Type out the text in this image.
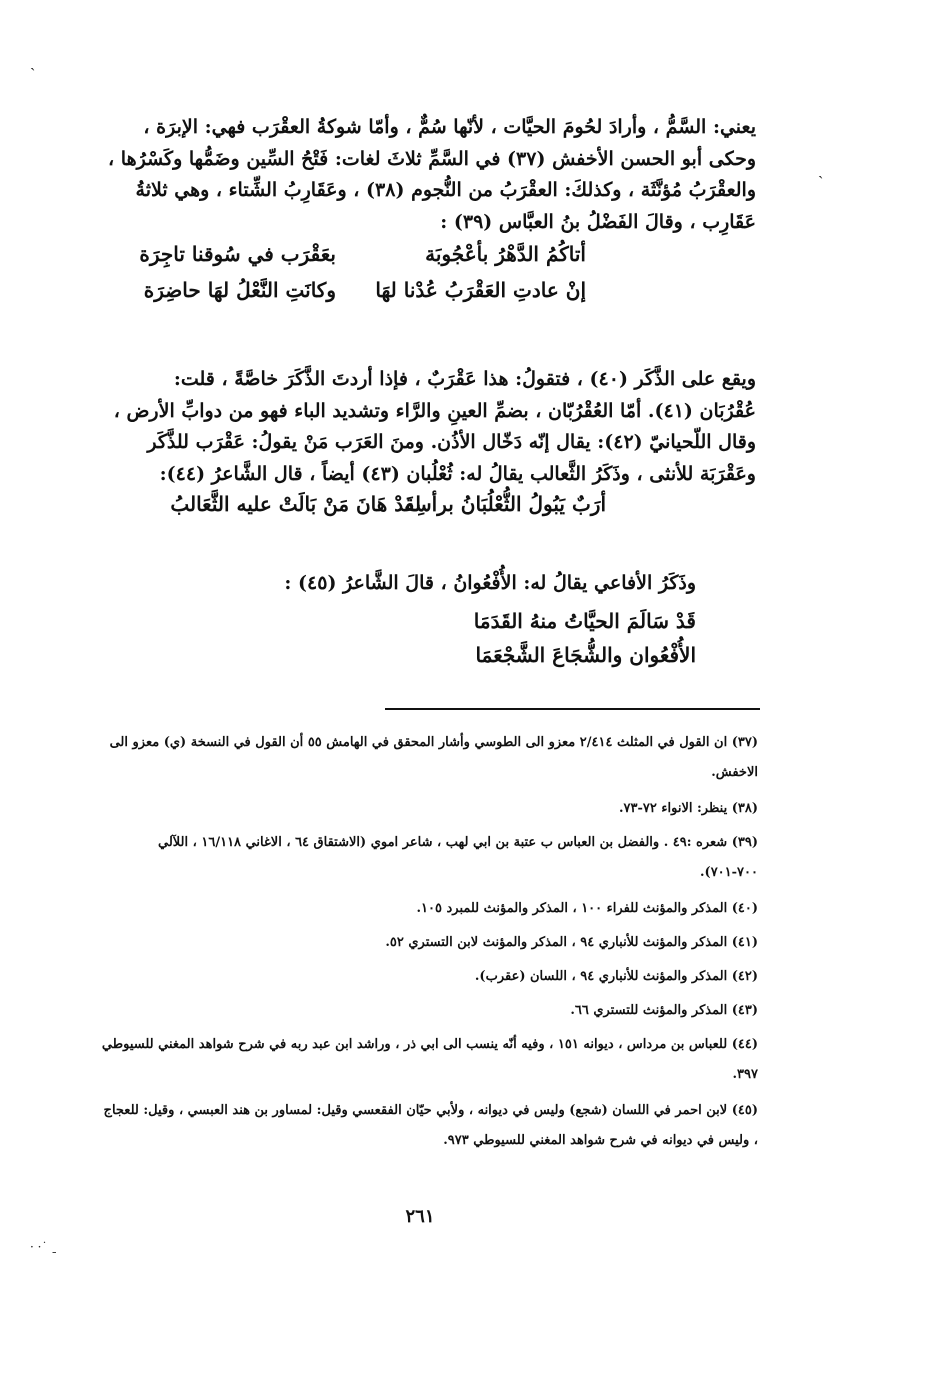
ˎ
ˏ

يعني: السَّمُّ ، وأرادَ لحُومَ الحيَّات ، لأنّها سُمٌّ ، وأمّا شوكةُ العقْرَب فهي: الإبرَة ،

وحكى أبو الحسن الأخفش (٣٧) في السَّمِّ ثلاثَ لغات: فَتْحُ السِّين وضَمُّها وكَسْرُها ،

والعقْرَبُ مُؤنَّثَة ، وكذلكَ: العقْرَبُ من النُّجوم (٣٨) ، وعَقَارِبُ الشِّتاء ، وهي ثلاثةُ

عَقَارِب ، وقالَ الفَضْلُ بنُ العبَّاس (٣٩) :

أتاكُمُ الدَّهْرُ بأعْجُوبَة
بعَقْرَب في سُوقنا تاجِرَة
إنْ عادتِ العَقْرَبُ عُدْنا لهَا
وكانَتِ النَّعْلُ لهَا حاضِرَة

ويقع على الذَّكَر (٤٠) ، فتقولُ: هذا عَقْرَبٌ ، فإذا أردتَ الذَّكَرَ خاصَّةً ، قلت:

عُقْرُبَان (٤١). أمّا العُقْرُبّان ، بضمِّ العينِ والرَّاء وتشديد الباء فهو من دوابِّ الأرض ،

وقال اللّحيانيّ (٤٢): يقال إنّه دَخّال الأذُن. ومنَ العَرَب مَنْ يقولُ: عَقْرَب للذَّكَر

وعَقْرَبَة للأنثى ، وذَكَرُ الثَّعالب يقالُ له: ثُعْلُبان (٤٣) أيضاً ، قال الشَّاعرُ (٤٤):

أرَبٌ يَبُولُ الثُّعْلُبَانُ برأسِه
لقَدْ هَانَ مَنْ بَالَتْ عليه الثَّعَالبُ

وذَكَرُ الأفاعي يقالُ له: الأُفْعُوانُ ، قالَ الشَّاعرُ (٤٥) :

قَدْ سَالَمَ الحيَّاتُ منهُ القَدَمَا
الأُفْعُوان والشُّجَاعَ الشَّجْعَمَا

(٣٧) ان القول في المثلث ٢/٤١٤ معزو الى الطوسي وأشار المحقق في الهامش ٥٥ أن القول في النسخة (ي) معزو الى الاخفش.

(٣٨) ينظر: الانواء ٧٢-٧٣.

(٣٩) شعره :٤٩ . والفضل بن العباس ب عتبة بن ابي لهب ، شاعر اموي (الاشتقاق ٦٤ ، الاغاني ١٦/١١٨ ، اللآلي ٧٠٠-٧٠١).

(٤٠) المذكر والمؤنث للفراء ١٠٠ ، المذكر والمؤنث للمبرد ١٠٥.

(٤١) المذكر والمؤنث للأنباري ٩٤ ، المذكر والمؤنث لابن التستري ٥٢.

(٤٢) المذكر والمؤنث للأنباري ٩٤ ، اللسان (عقرب).

(٤٣) المذكر والمؤنث للتستري ٦٦.

(٤٤) للعباس بن مرداس ، ديوانه ١٥١ ، وفيه أنّه ينسب الى ابي ذر ، وراشد ابن عبد ربه في شرح شواهد المغني للسيوطي ٣٩٧.

(٤٥) لابن احمر في اللسان (شجع) وليس في ديوانه ، ولأبي حيّان الفقعسي وقيل: لمساور بن هند العبسي ، وقيل: للعجاج ، وليس في ديوانه في شرح شواهد المغني للسيوطي ٩٧٣.

٢٦١
· ·˙ ˍ
